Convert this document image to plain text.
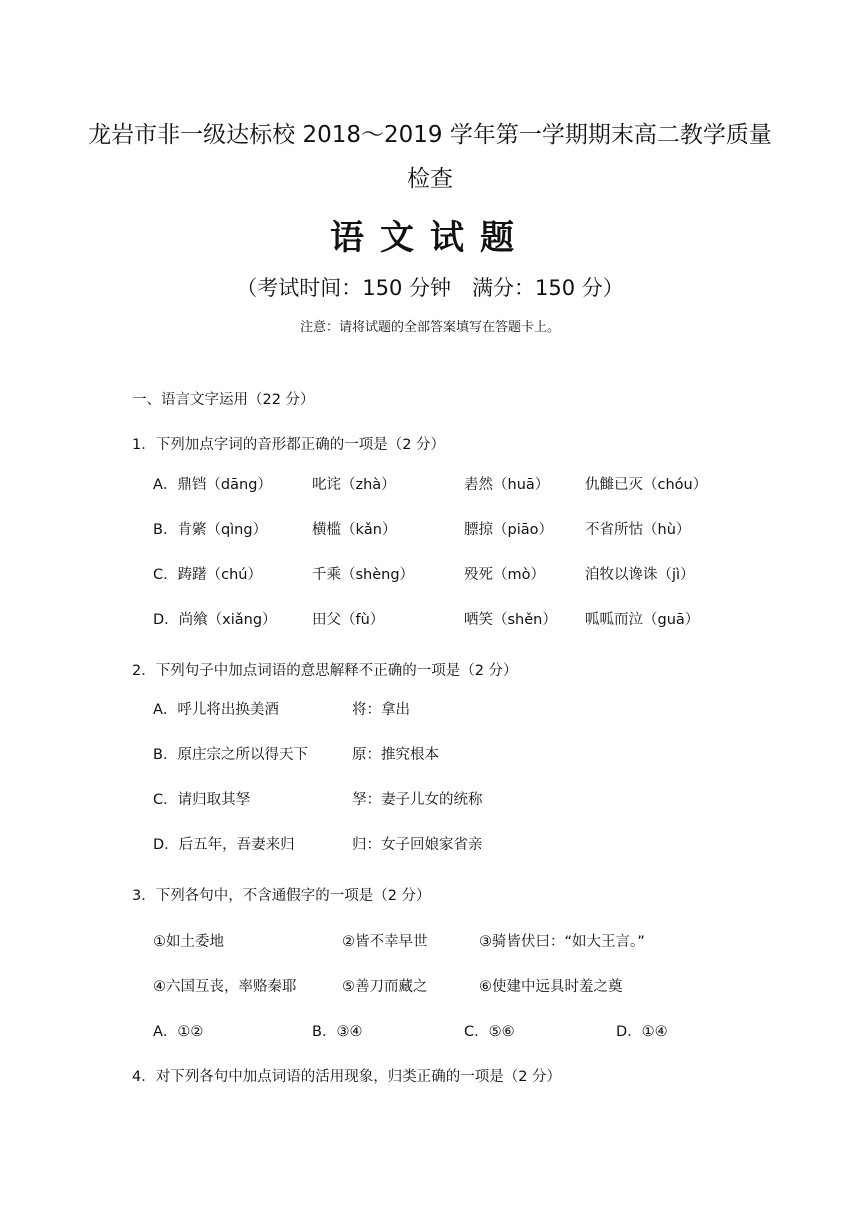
龙岩市非一级达标校 2018～2019 学年第一学期期末高二教学质量
检查
语文试题
（考试时间：150 分钟　满分：150 分）
注意：请将试题的全部答案填写在答题卡上。
一、语言文字运用（22 分）
1．下列加点字词的音形都正确的一项是（2 分）
A．鼎铛（dāng）	叱诧（zhà）	砉然（huā） 仇雠已灭（chóu）
B．肯綮（qìng）	横槛（kǎn）	膘掠（piāo） 不省所怙（hù）
C．踌躇（chú）	千乘（shèng）	殁死（mò）	洎牧以谗诛（jì）
D．尚飨（xiǎng） 田父（fù）	哂笑（shěn） 呱呱而泣（guā）
2．下列句子中加点词语的意思解释不正确的一项是（2 分）
A．呼儿将出换美酒	将：拿出
B．原庄宗之所以得天下	原：推究根本
C．请归取其孥	孥：妻子儿女的统称
D．后五年，吾妻来归	归：女子回娘家省亲
3．下列各句中，不含通假字的一项是（2 分）
①如土委地	②皆不幸早世	③骑皆伏曰：“如大王言。”
④六国互丧，率赂秦耶	⑤善刀而藏之	⑥使建中远具时羞之奠
A．①②	B．③④	C．⑤⑥	D．①④
4．对下列各句中加点词语的活用现象，归类正确的一项是（2 分）
